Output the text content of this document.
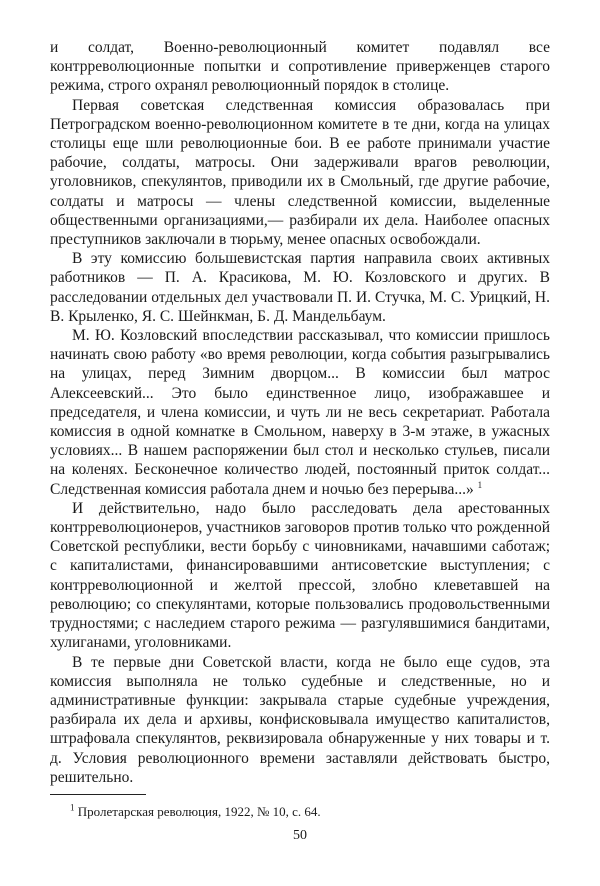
и солдат, Военно-революционный комитет подавлял все контрреволюционные попытки и сопротивление приверженцев старого режима, строго охранял революционный порядок в столице.

Первая советская следственная комиссия образовалась при Петроградском военно-революционном комитете в те дни, когда на улицах столицы еще шли революционные бои. В ее работе принимали участие рабочие, солдаты, матросы. Они задерживали врагов революции, уголовников, спекулянтов, приводили их в Смольный, где другие рабочие, солдаты и матросы — члены следственной комиссии, выделенные общественными организациями,— разбирали их дела. Наиболее опасных преступников заключали в тюрьму, менее опасных освобождали.

В эту комиссию большевистская партия направила своих активных работников — П. А. Красикова, М. Ю. Козловского и других. В расследовании отдельных дел участвовали П. И. Стучка, М. С. Урицкий, Н. В. Крыленко, Я. С. Шейнкман, Б. Д. Мандельбаум.

М. Ю. Козловский впоследствии рассказывал, что комиссии пришлось начинать свою работу «во время революции, когда события разыгрывались на улицах, перед Зимним дворцом... В комиссии был матрос Алексеевский... Это было единственное лицо, изображавшее и председателя, и члена комиссии, и чуть ли не весь секретариат. Работала комиссия в одной комнатке в Смольном, наверху в 3-м этаже, в ужасных условиях... В нашем распоряжении был стол и несколько стульев, писали на коленях. Бесконечное количество людей, постоянный приток солдат... Следственная комиссия работала днем и ночью без перерыва...» $^1$

И действительно, надо было расследовать дела арестованных контрреволюционеров, участников заговоров против только что рожденной Советской республики, вести борьбу с чиновниками, начавшими саботаж; с капиталистами, финансировавшими антисоветские выступления; с контрреволюционной и желтой прессой, злобно клеветавшей на революцию; со спекулянтами, которые пользовались продовольственными трудностями; с наследием старого режима — разгулявшимися бандитами, хулиганами, уголовниками.

В те первые дни Советской власти, когда не было еще судов, эта комиссия выполняла не только судебные и следственные, но и административные функции: закрывала старые судебные учреждения, разбирала их дела и архивы, конфисковывала имущество капиталистов, штрафовала спекулянтов, реквизировала обнаруженные у них товары и т. д. Условия революционного времени заставляли действовать быстро, решительно.

$^1$ Пролетарская революция, 1922, № 10, с. 64.
50
